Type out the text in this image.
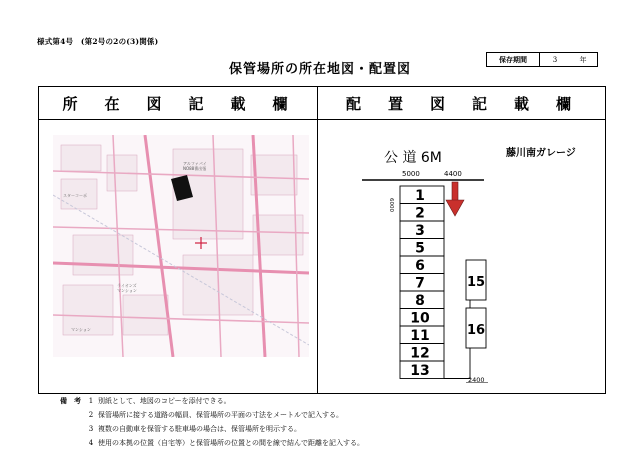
様式第4号　(第2号の2の(3)関係)
保管場所の所在地図・配置図
保存期間	3	年
所　在　図　記　載　欄	配　置　図　記　載　欄
アルファパイ
NO88番出張
スターコーポ
ライオンズ
マンション
マンション
公 道 6M	藤川南ガレージ
5000	4400
6000
1
2
3
5
6
7
8
10
11
12
13
15
16
2400
備　考	1 別紙として、地図のコピーを添付できる。
2 保管場所に接する道路の幅員、保管場所の平面の寸法をメートルで記入する。
3 複数の自動車を保管する駐車場の場合は、保管場所を明示する。
4 使用の本拠の位置（自宅等）と保管場所の位置との間を線で結んで距離を記入する。
